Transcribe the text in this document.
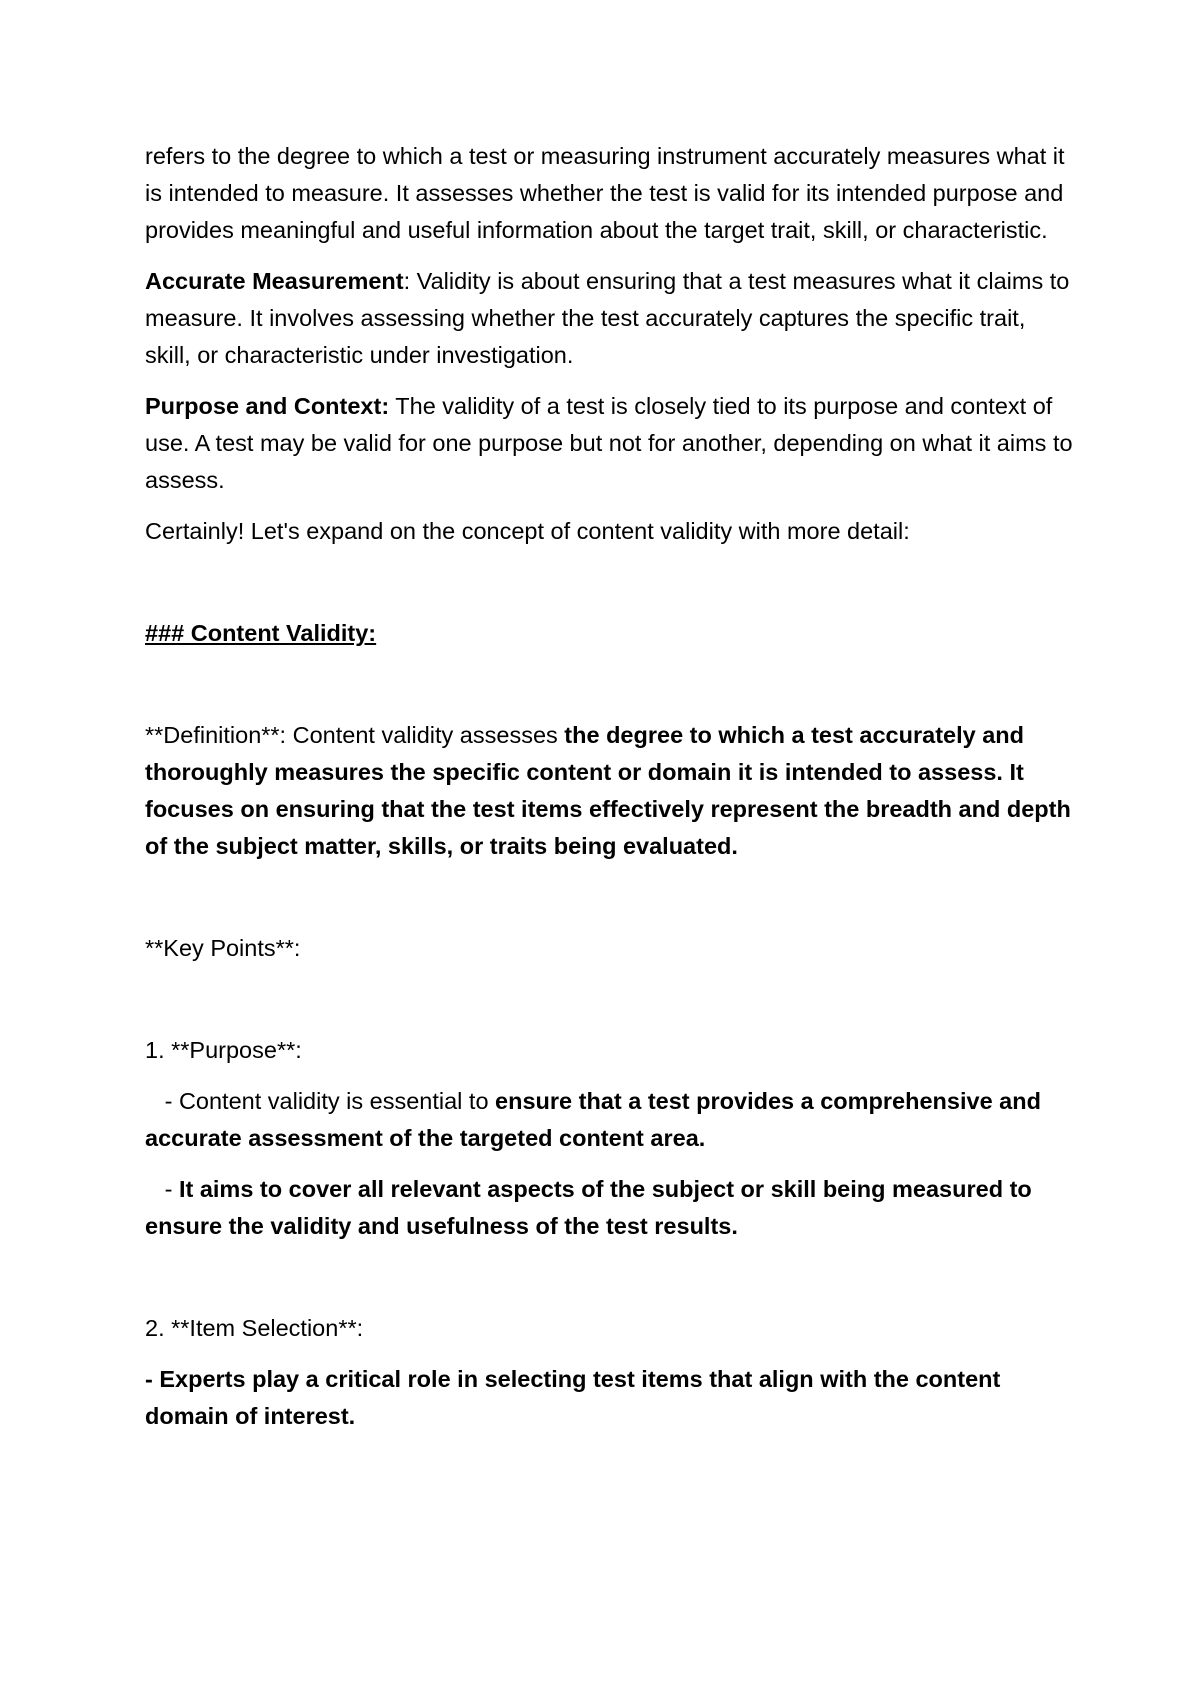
refers to the degree to which a test or measuring instrument accurately measures what it is intended to measure. It assesses whether the test is valid for its intended purpose and provides meaningful and useful information about the target trait, skill, or characteristic.

Accurate Measurement: Validity is about ensuring that a test measures what it claims to measure. It involves assessing whether the test accurately captures the specific trait, skill, or characteristic under investigation.

Purpose and Context: The validity of a test is closely tied to its purpose and context of use. A test may be valid for one purpose but not for another, depending on what it aims to assess.

Certainly! Let's expand on the concept of content validity with more detail:

### Content Validity:

**Definition**: Content validity assesses the degree to which a test accurately and thoroughly measures the specific content or domain it is intended to assess. It focuses on ensuring that the test items effectively represent the breadth and depth of the subject matter, skills, or traits being evaluated.

**Key Points**:

1. **Purpose**:

- Content validity is essential to ensure that a test provides a comprehensive and accurate assessment of the targeted content area.

- It aims to cover all relevant aspects of the subject or skill being measured to ensure the validity and usefulness of the test results.

2. **Item Selection**:

- Experts play a critical role in selecting test items that align with the content domain of interest.
